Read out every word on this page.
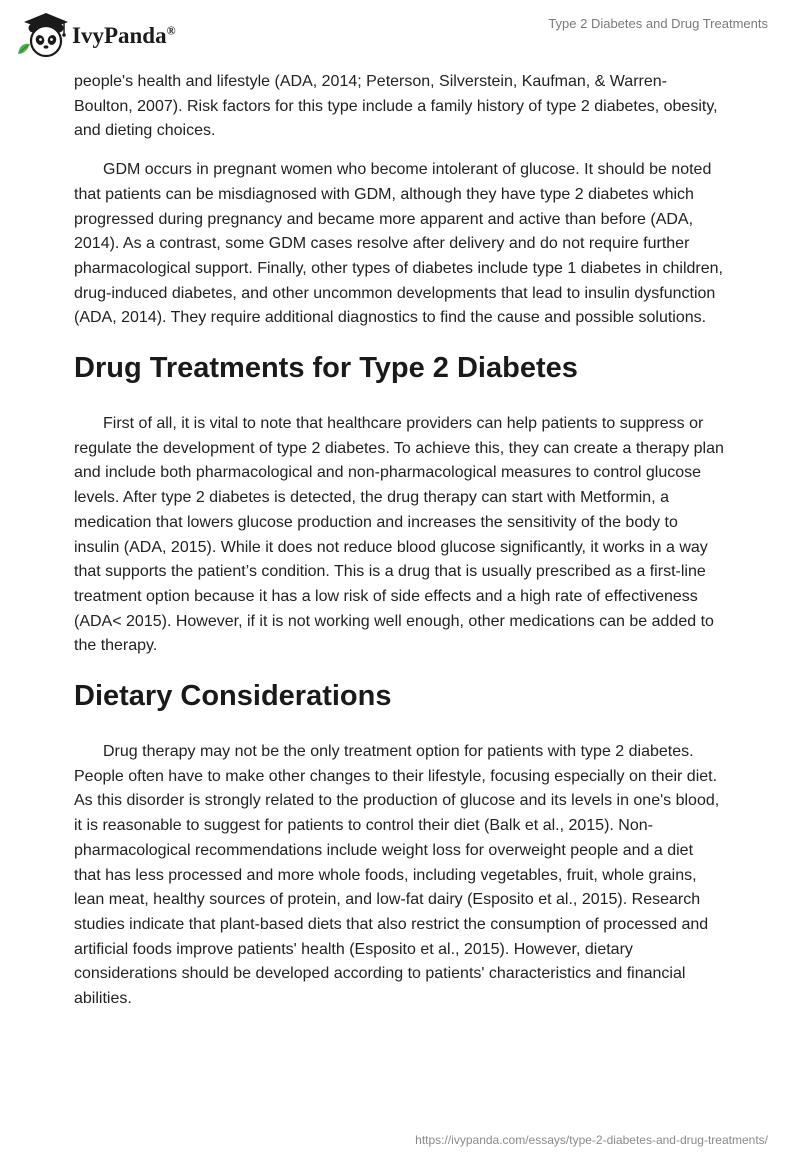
IvyPanda®	Type 2 Diabetes and Drug Treatments

people's health and lifestyle (ADA, 2014; Peterson, Silverstein, Kaufman, & Warren-Boulton, 2007). Risk factors for this type include a family history of type 2 diabetes, obesity, and dieting choices.

GDM occurs in pregnant women who become intolerant of glucose. It should be noted that patients can be misdiagnosed with GDM, although they have type 2 diabetes which progressed during pregnancy and became more apparent and active than before (ADA, 2014). As a contrast, some GDM cases resolve after delivery and do not require further pharmacological support. Finally, other types of diabetes include type 1 diabetes in children, drug-induced diabetes, and other uncommon developments that lead to insulin dysfunction (ADA, 2014). They require additional diagnostics to find the cause and possible solutions.

Drug Treatments for Type 2 Diabetes

First of all, it is vital to note that healthcare providers can help patients to suppress or regulate the development of type 2 diabetes. To achieve this, they can create a therapy plan and include both pharmacological and non-pharmacological measures to control glucose levels. After type 2 diabetes is detected, the drug therapy can start with Metformin, a medication that lowers glucose production and increases the sensitivity of the body to insulin (ADA, 2015). While it does not reduce blood glucose significantly, it works in a way that supports the patient’s condition. This is a drug that is usually prescribed as a first-line treatment option because it has a low risk of side effects and a high rate of effectiveness (ADA< 2015). However, if it is not working well enough, other medications can be added to the therapy.

Dietary Considerations

Drug therapy may not be the only treatment option for patients with type 2 diabetes. People often have to make other changes to their lifestyle, focusing especially on their diet. As this disorder is strongly related to the production of glucose and its levels in one's blood, it is reasonable to suggest for patients to control their diet (Balk et al., 2015). Non-pharmacological recommendations include weight loss for overweight people and a diet that has less processed and more whole foods, including vegetables, fruit, whole grains, lean meat, healthy sources of protein, and low-fat dairy (Esposito et al., 2015). Research studies indicate that plant-based diets that also restrict the consumption of processed and artificial foods improve patients' health (Esposito et al., 2015). However, dietary considerations should be developed according to patients' characteristics and financial abilities.

https://ivypanda.com/essays/type-2-diabetes-and-drug-treatments/
